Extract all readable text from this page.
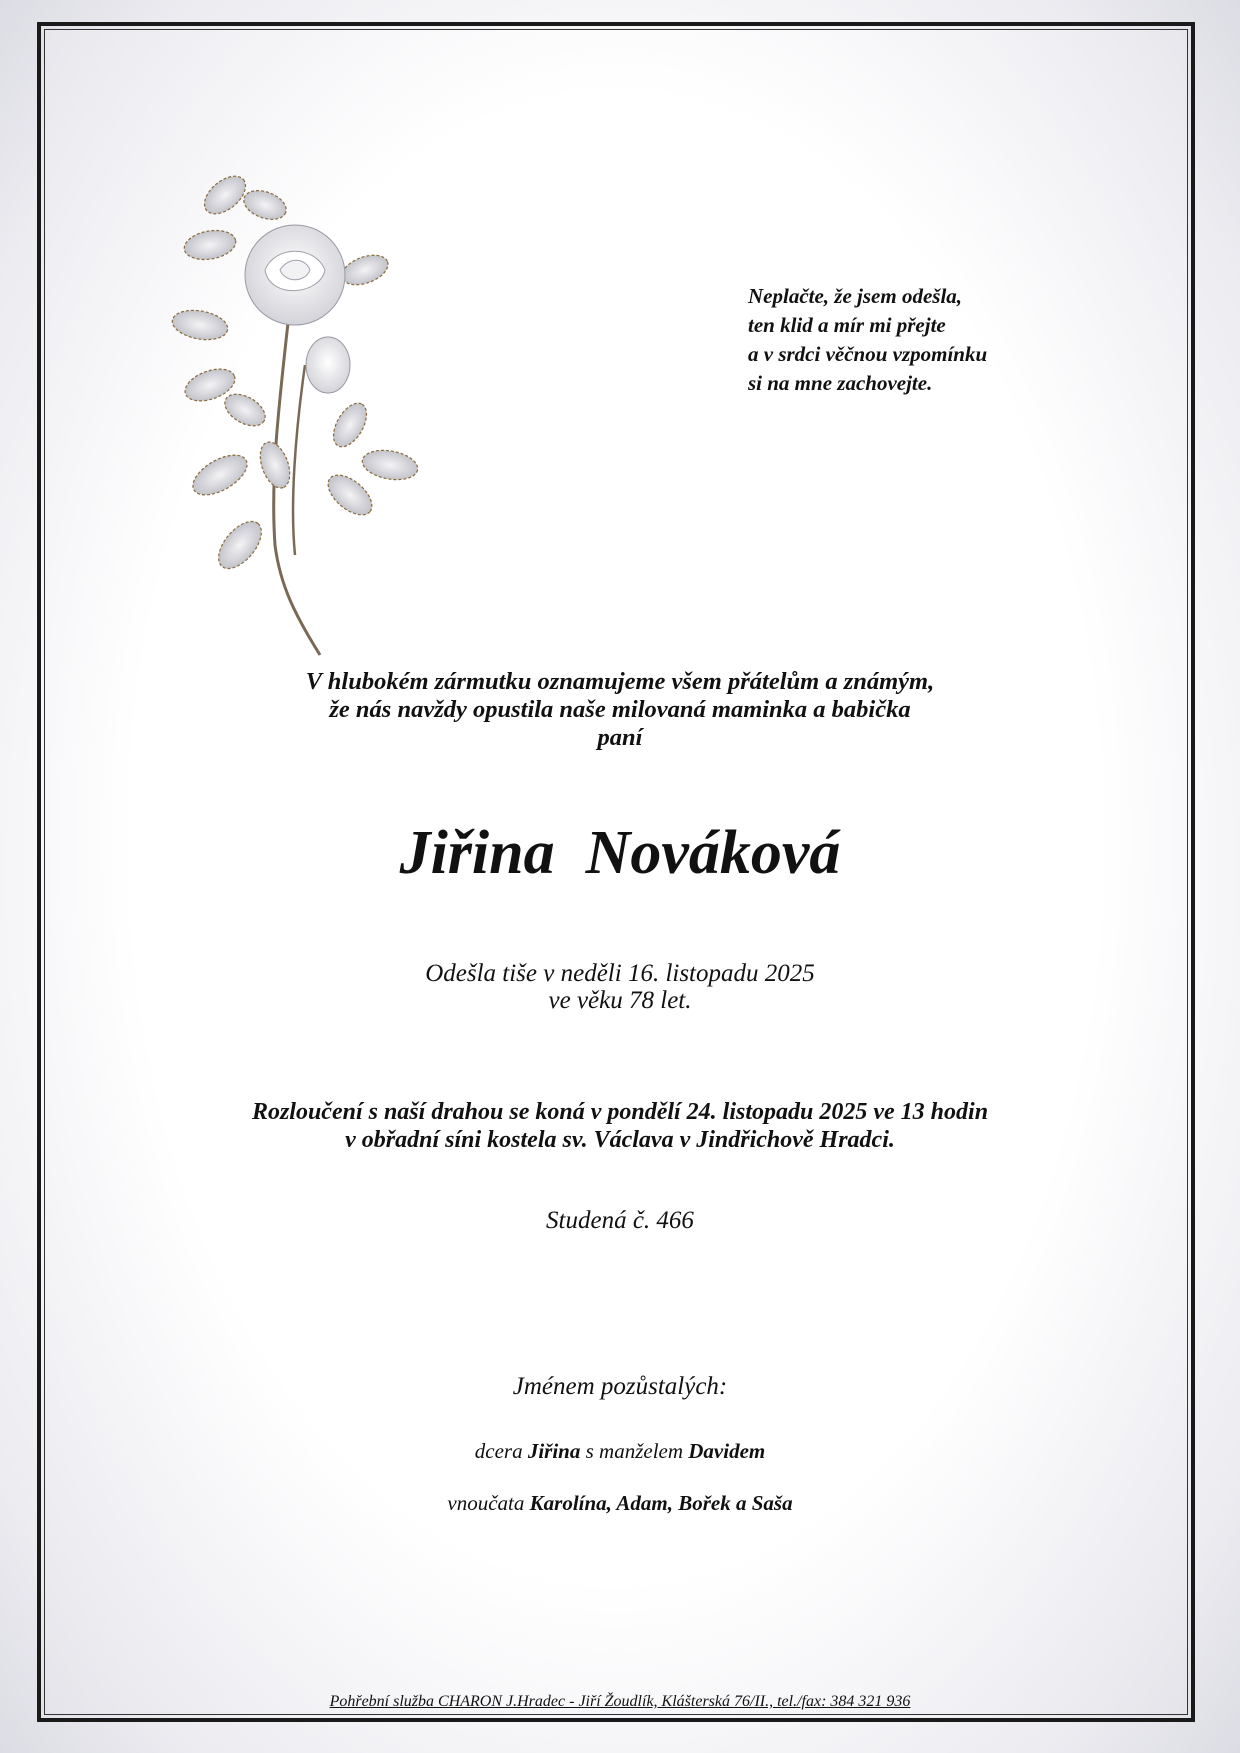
Neplačte, že jsem odešla,
ten klid a mír mi přejte
a v srdci věčnou vzpomínku
si na mne zachovejte.
V hlubokém zármutku oznamujeme všem přátelům a známým,
že nás navždy opustila naše milovaná maminka a babička
paní
Jiřina  Nováková
Odešla tiše v neděli 16. listopadu 2025
ve věku 78 let.
Rozloučení s naší drahou se koná v pondělí 24. listopadu 2025 ve 13 hodin
v obřadní síni kostela sv. Václava v Jindřichově Hradci.
Studená č. 466
Jménem pozůstalých:
dcera Jiřina s manželem Davidem
vnoučata Karolína, Adam, Bořek a Saša
Pohřební služba CHARON J.Hradec - Jiří Žoudlík, Klášterská 76/II., tel./fax: 384 321 936
